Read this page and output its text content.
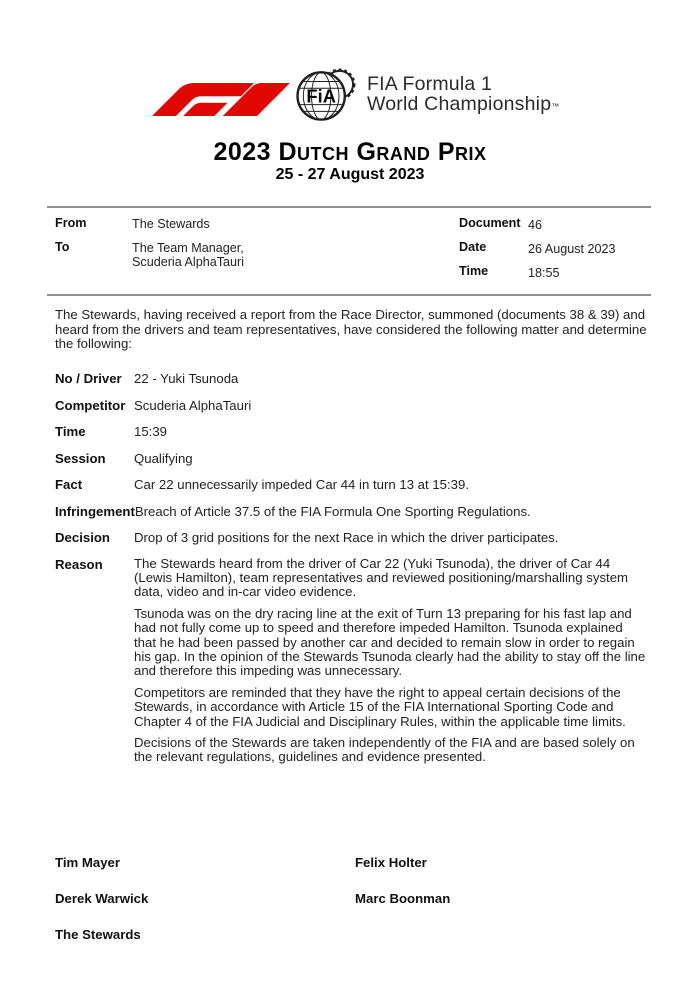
FiA
FIA Formula 1
World Championship™
2023 Dutch Grand Prix
25 - 27 August 2023
From	The Stewards
To	The Team Manager,
Scuderia AlphaTauri
Document 46
Date	26 August 2023
Time	18:55
The Stewards, having received a report from the Race Director, summoned (documents 38 & 39) and heard from the drivers and team representatives, have considered the following matter and determine the following:
No / Driver 22 - Yuki Tsunoda
Competitor Scuderia AlphaTauri
Time	15:39
Session	Qualifying
Fact	Car 22 unnecessarily impeded Car 44 in turn 13 at 15:39.
Infringement Breach of Article 37.5 of the FIA Formula One Sporting Regulations.
Decision	Drop of 3 grid positions for the next Race in which the driver participates.
Reason	The Stewards heard from the driver of Car 22 (Yuki Tsunoda), the driver of Car 44 (Lewis Hamilton), team representatives and reviewed positioning/marshalling system data, video and in-car video evidence.

Tsunoda was on the dry racing line at the exit of Turn 13 preparing for his fast lap and had not fully come up to speed and therefore impeded Hamilton. Tsunoda explained that he had been passed by another car and decided to remain slow in order to regain his gap. In the opinion of the Stewards Tsunoda clearly had the ability to stay off the line and therefore this impeding was unnecessary.

Competitors are reminded that they have the right to appeal certain decisions of the Stewards, in accordance with Article 15 of the FIA International Sporting Code and Chapter 4 of the FIA Judicial and Disciplinary Rules, within the applicable time limits.

Decisions of the Stewards are taken independently of the FIA and are based solely on the relevant regulations, guidelines and evidence presented.

Tim Mayer
Derek Warwick
The Stewards
Felix Holter
Marc Boonman
